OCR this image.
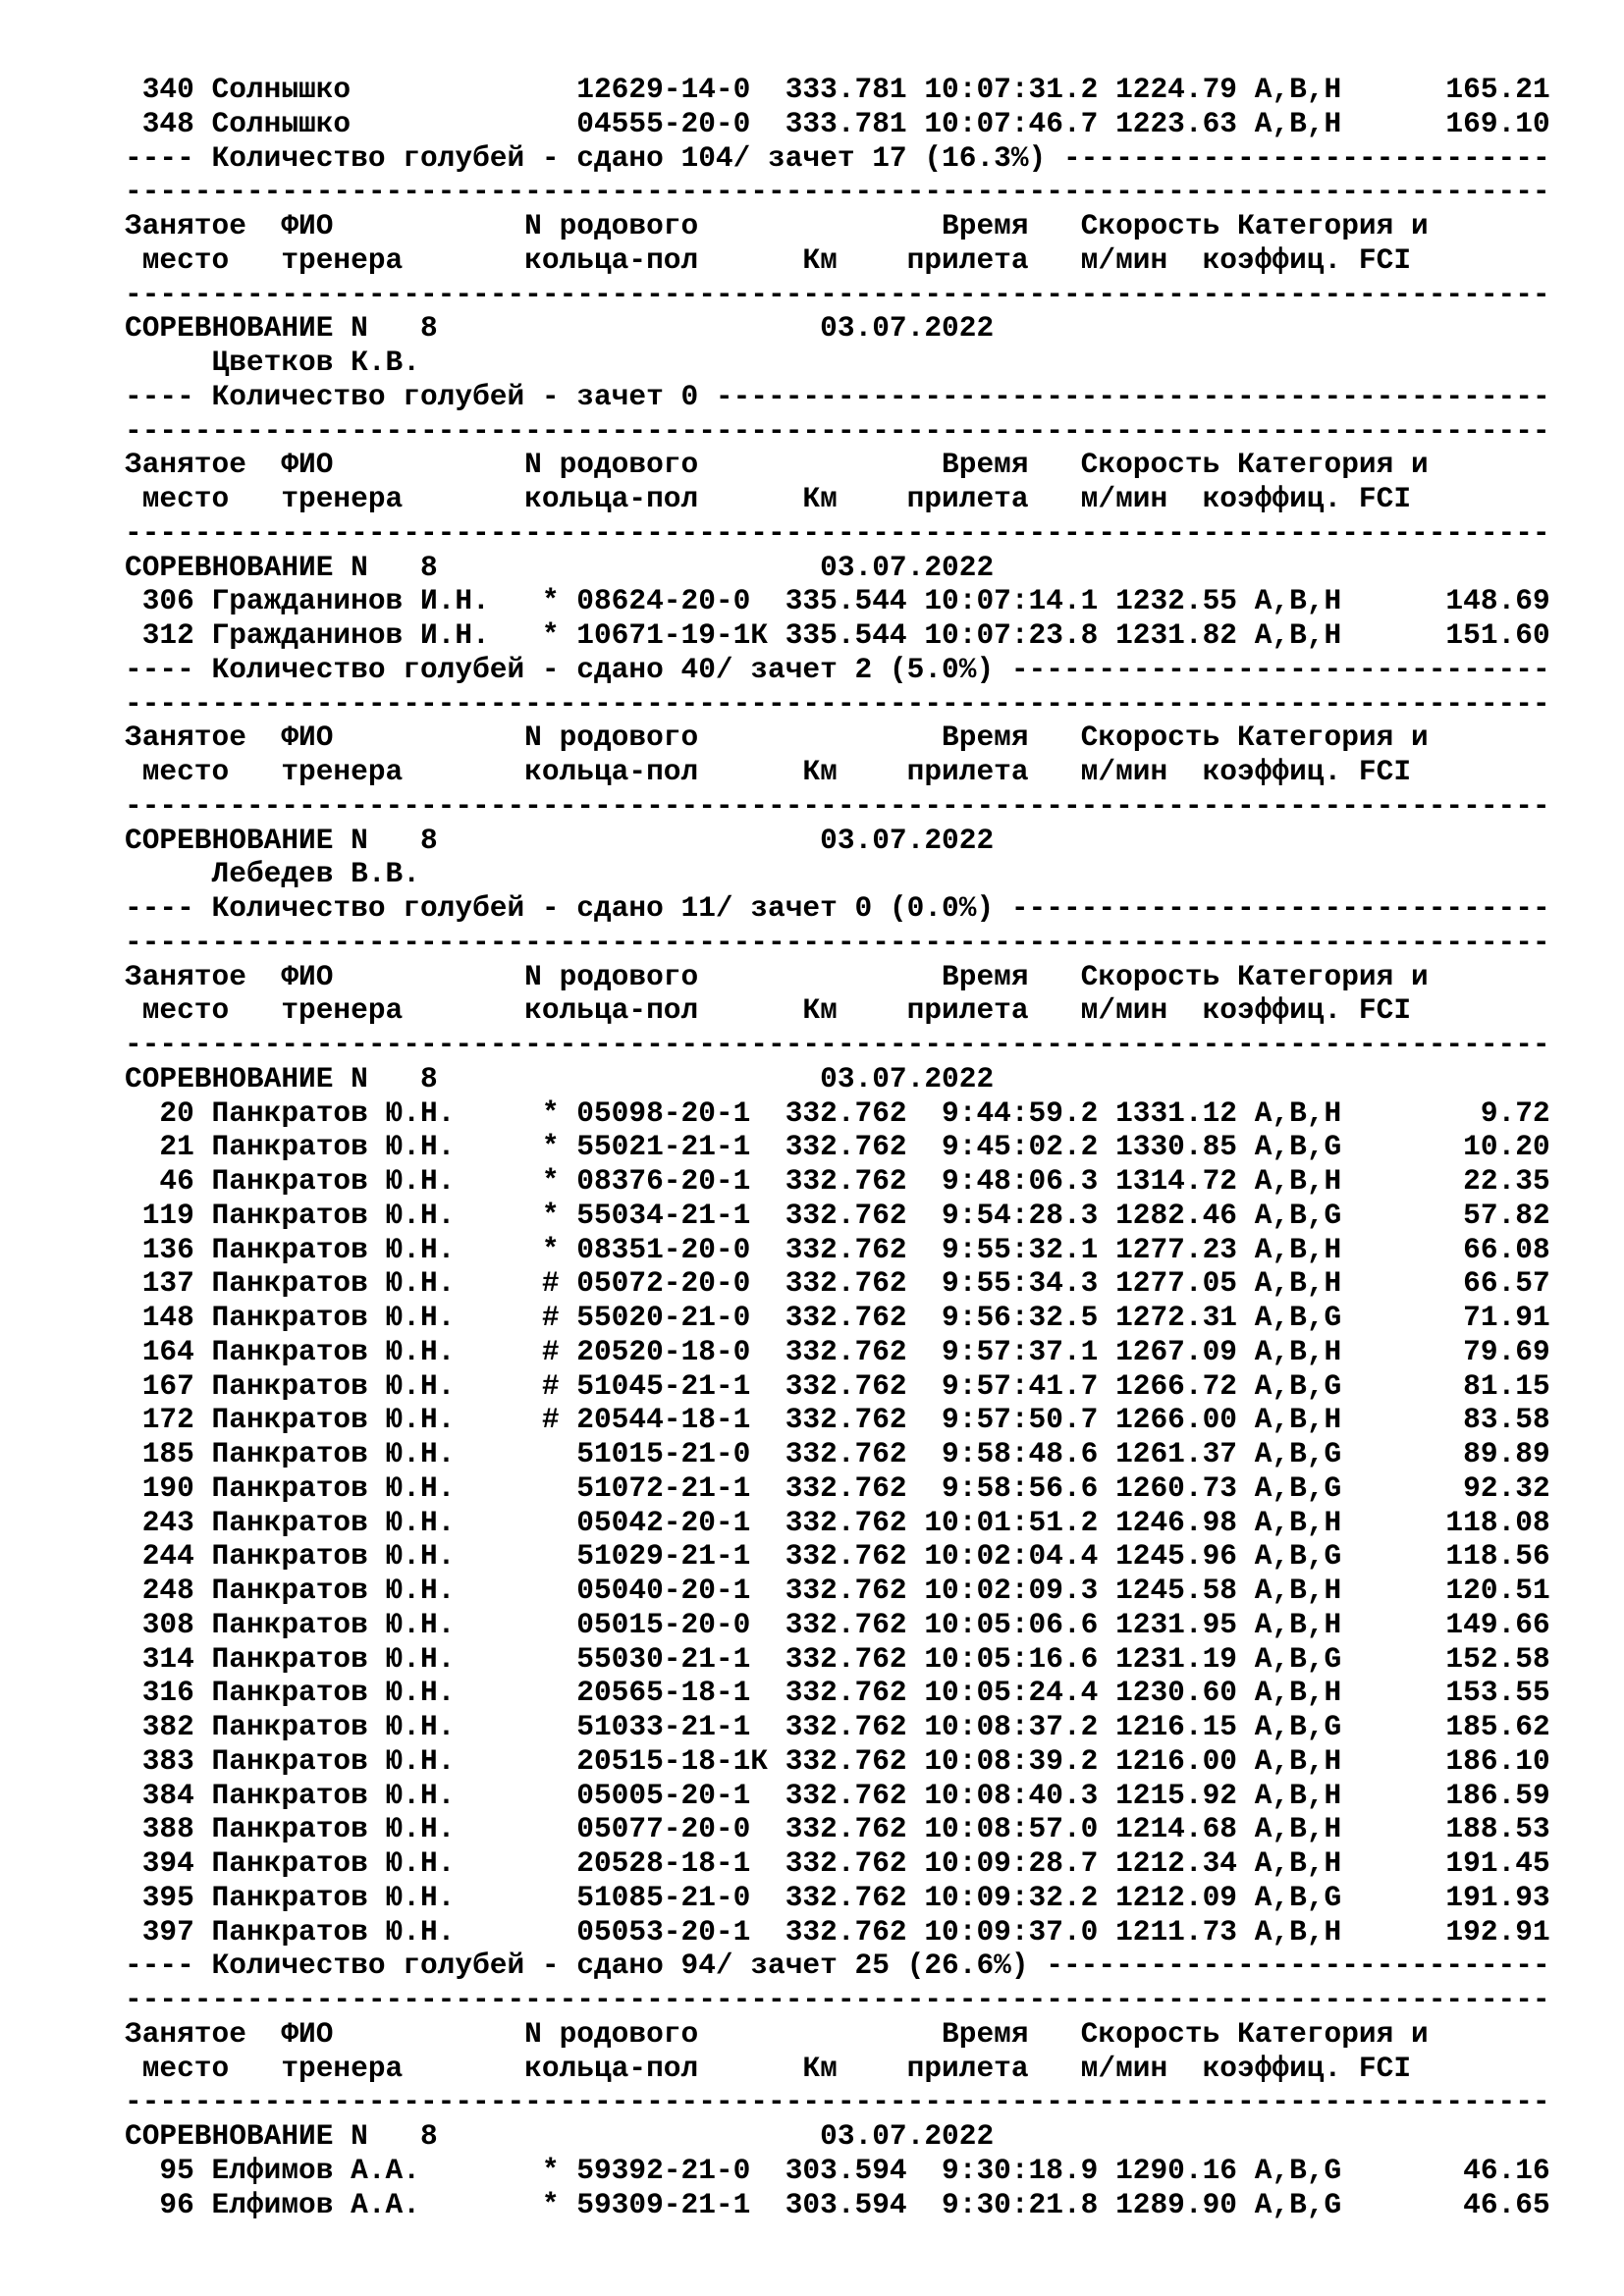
340 Солнышко             12629-14-0  333.781 10:07:31.2 1224.79 A,B,H      165.21
348 Солнышко             04555-20-0  333.781 10:07:46.7 1223.63 A,B,H      169.10
---- Количество голубей - сдано 104/ зачет 17 (16.3%) ----------------------------
----------------------------------------------------------------------------------
Занятое  ФИО           N родового	Время   Скорость Категория и
место   тренера       кольца-пол	Км    прилета м/мин  коэффиц. FCI
----------------------------------------------------------------------------------
СОРЕВНОВАНИЕ N 8	03.07.2022
Цветков К.В.
---- Количество голубей - зачет 0 ------------------------------------------------
----------------------------------------------------------------------------------
Занятое  ФИО           N родового	Время   Скорость Категория и
место   тренера       кольца-пол	Км    прилета м/мин  коэффиц. FCI
----------------------------------------------------------------------------------
СОРЕВНОВАНИЕ N 8	03.07.2022
306 Гражданинов И.Н.   * 08624-20-0  335.544 10:07:14.1 1232.55 A,B,H      148.69
312 Гражданинов И.Н.   * 10671-19-1К 335.544 10:07:23.8 1231.82 A,B,H      151.60
---- Количество голубей - сдано 40/ зачет 2 (5.0%) -------------------------------
----------------------------------------------------------------------------------
Занятое  ФИО           N родового	Время   Скорость Категория и
место   тренера       кольца-пол	Км    прилета м/мин  коэффиц. FCI
----------------------------------------------------------------------------------
СОРЕВНОВАНИЕ N 8	03.07.2022
Лебедев В.В.
---- Количество голубей - сдано 11/ зачет 0 (0.0%) -------------------------------
----------------------------------------------------------------------------------
Занятое  ФИО           N родового	Время   Скорость Категория и
место   тренера       кольца-пол	Км    прилета м/мин  коэффиц. FCI
----------------------------------------------------------------------------------
СОРЕВНОВАНИЕ N 8	03.07.2022
20 Панкратов Ю.Н.     * 05098-20-1  332.762  9:44:59.2 1331.12 A,B,H        9.72
21 Панкратов Ю.Н.     * 55021-21-1  332.762  9:45:02.2 1330.85 A,B,G       10.20
46 Панкратов Ю.Н.     * 08376-20-1  332.762  9:48:06.3 1314.72 A,B,H       22.35
119 Панкратов Ю.Н.     * 55034-21-1  332.762  9:54:28.3 1282.46 A,B,G       57.82
136 Панкратов Ю.Н.     * 08351-20-0  332.762  9:55:32.1 1277.23 A,B,H       66.08
137 Панкратов Ю.Н.     # 05072-20-0  332.762  9:55:34.3 1277.05 A,B,H       66.57
148 Панкратов Ю.Н.     # 55020-21-0  332.762  9:56:32.5 1272.31 A,B,G       71.91
164 Панкратов Ю.Н.     # 20520-18-0  332.762  9:57:37.1 1267.09 A,B,H       79.69
167 Панкратов Ю.Н.     # 51045-21-1  332.762  9:57:41.7 1266.72 A,B,G       81.15
172 Панкратов Ю.Н.     # 20544-18-1  332.762  9:57:50.7 1266.00 A,B,H       83.58
185 Панкратов Ю.Н.       51015-21-0  332.762  9:58:48.6 1261.37 A,B,G       89.89
190 Панкратов Ю.Н.       51072-21-1  332.762  9:58:56.6 1260.73 A,B,G       92.32
243 Панкратов Ю.Н.       05042-20-1  332.762 10:01:51.2 1246.98 A,B,H      118.08
244 Панкратов Ю.Н.       51029-21-1  332.762 10:02:04.4 1245.96 A,B,G      118.56
248 Панкратов Ю.Н.       05040-20-1  332.762 10:02:09.3 1245.58 A,B,H      120.51
308 Панкратов Ю.Н.       05015-20-0  332.762 10:05:06.6 1231.95 A,B,H      149.66
314 Панкратов Ю.Н.       55030-21-1  332.762 10:05:16.6 1231.19 A,B,G      152.58
316 Панкратов Ю.Н.       20565-18-1  332.762 10:05:24.4 1230.60 A,B,H      153.55
382 Панкратов Ю.Н.       51033-21-1  332.762 10:08:37.2 1216.15 A,B,G      185.62
383 Панкратов Ю.Н.       20515-18-1К 332.762 10:08:39.2 1216.00 A,B,H      186.10
384 Панкратов Ю.Н.       05005-20-1  332.762 10:08:40.3 1215.92 A,B,H      186.59
388 Панкратов Ю.Н.       05077-20-0  332.762 10:08:57.0 1214.68 A,B,H      188.53
394 Панкратов Ю.Н.       20528-18-1  332.762 10:09:28.7 1212.34 A,B,H      191.45
395 Панкратов Ю.Н.       51085-21-0  332.762 10:09:32.2 1212.09 A,B,G      191.93
397 Панкратов Ю.Н.       05053-20-1  332.762 10:09:37.0 1211.73 A,B,H      192.91
---- Количество голубей - сдано 94/ зачет 25 (26.6%) -----------------------------
----------------------------------------------------------------------------------
Занятое  ФИО           N родового	Время   Скорость Категория и
место   тренера       кольца-пол	Км    прилета м/мин  коэффиц. FCI
----------------------------------------------------------------------------------
СОРЕВНОВАНИЕ N 8	03.07.2022
95 Елфимов А.А.       * 59392-21-0  303.594  9:30:18.9 1290.16 A,B,G       46.16
96 Елфимов А.А.       * 59309-21-1  303.594  9:30:21.8 1289.90 A,B,G       46.65
